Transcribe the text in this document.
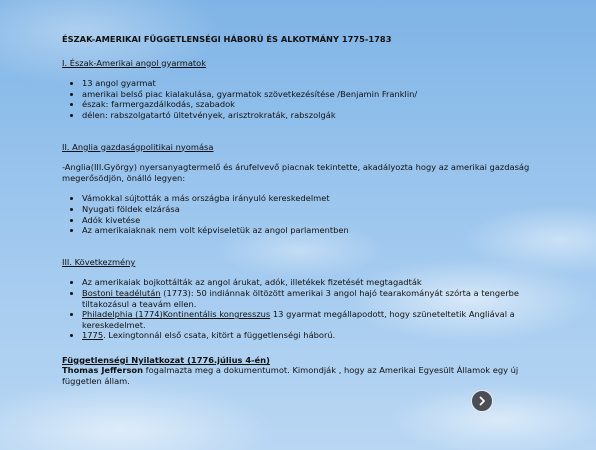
ÉSZAK-AMERIKAI FÜGGETLENSÉGI HÁBORÚ ÉS ALKOTMÁNY 1775-1783
I. Észak-Amerikai angol gyarmatok
• 13 angol gyarmat
• amerikai belső piac kialakulása, gyarmatok szövetkezésítése /Benjamin Franklin/
• észak: farmergazdálkodás, szabadok
• délen: rabszolgatartó ültetvények, arisztrokraták, rabszolgák
II. Anglia gazdaságpolitikai nyomása

-Anglia(III.György) nyersanyagtermelő és árufelvevő piacnak tekintette, akadályozta hogy az amerikai gazdaság megerősödjön, önálló legyen:

• Vámokkal sújtották a más országba irányuló kereskedelmet
• Nyugati földek elzárása
• Adók kivetése
• Az amerikaiaknak nem volt képviseletük az angol parlamentben
III. Következmény
• Az amerikaiak bojkottálták az angol árukat, adók, illetékek fizetését megtagadták
• Bostoni teadélután (1773): 50 indiánnak öltözött amerikai 3 angol hajó tearakományát szórta a tengerbe tiltakozásul a teavám ellen.
• Philadelphia (1774)Kontinentális kongresszus 13 gyarmat megállapodott, hogy szüneteltetik Angliával a kereskedelmet.
• 1775. Lexingtonnál első csata, kitört a függetlenségi háború.
Függetlenségi Nyilatkozat (1776.július 4-én)

Thomas Jefferson fogalmazta meg a dokumentumot. Kimondják , hogy az Amerikai Egyesült Államok egy új független állam.
